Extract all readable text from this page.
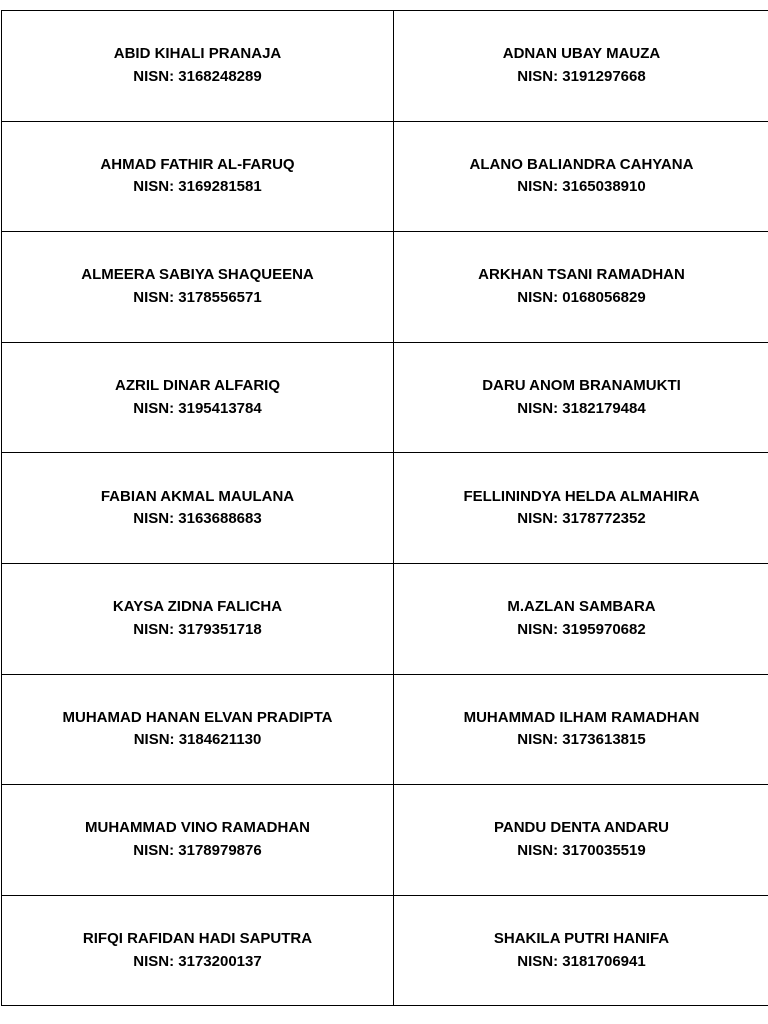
ABID KIHALI PRANAJA
NISN: 3168248289
ADNAN UBAY MAUZA
NISN: 3191297668
AHMAD FATHIR AL-FARUQ
NISN: 3169281581
ALANO BALIANDRA CAHYANA
NISN: 3165038910
ALMEERA SABIYA SHAQUEENA
NISN: 3178556571
ARKHAN TSANI RAMADHAN
NISN: 0168056829
AZRIL DINAR ALFARIQ
NISN: 3195413784
DARU ANOM BRANAMUKTI
NISN: 3182179484
FABIAN AKMAL MAULANA
NISN: 3163688683
FELLININDYA HELDA ALMAHIRA
NISN: 3178772352
KAYSA ZIDNA FALICHA
NISN: 3179351718
M.AZLAN SAMBARA
NISN: 3195970682
MUHAMAD HANAN ELVAN PRADIPTA
NISN: 3184621130
MUHAMMAD ILHAM RAMADHAN
NISN: 3173613815
MUHAMMAD VINO RAMADHAN
NISN: 3178979876
PANDU DENTA ANDARU
NISN: 3170035519
RIFQI RAFIDAN HADI SAPUTRA
NISN: 3173200137
SHAKILA PUTRI HANIFA
NISN: 3181706941
